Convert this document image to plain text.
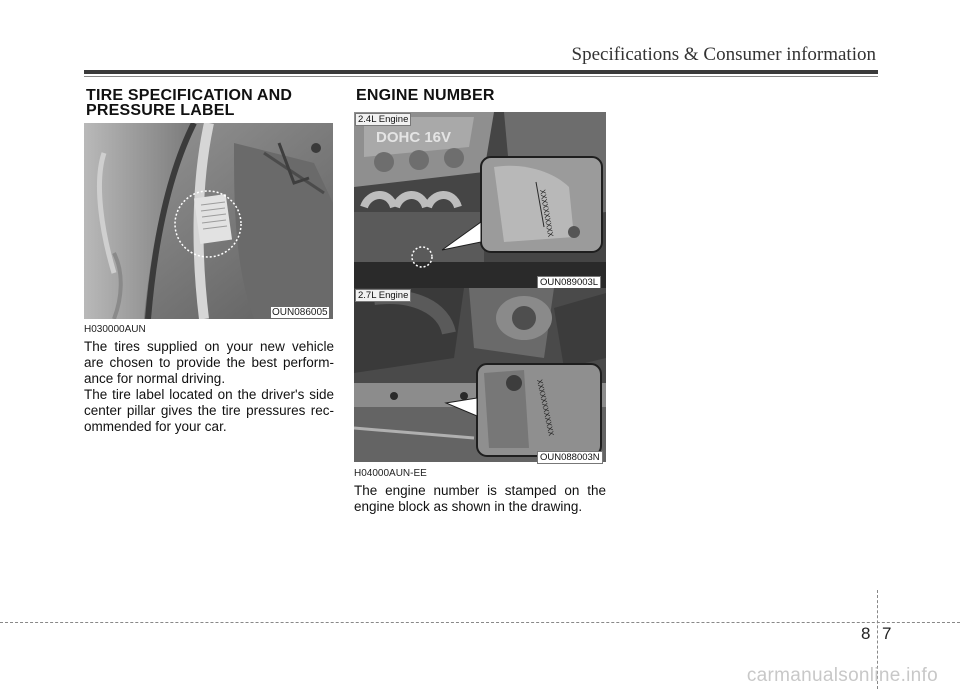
Specifications & Consumer information
TIRE SPECIFICATION AND
PRESSURE LABEL
OUN086005
H030000AUN
The tires supplied on your new vehicle are chosen to provide the best perform-ance for normal driving.
The tire label located on the driver's side center pillar gives the tire pressures rec-ommended for your car.
ENGINE NUMBER
DOHC 16V
XXXXXXXXXX
2.4L Engine
OUN089003L
XXXXXXXXXXXX
2.7L Engine
OUN088003N
H04000AUN-EE
The engine number is stamped on the engine block as shown in the drawing.
8 7
carmanualsonline.info
